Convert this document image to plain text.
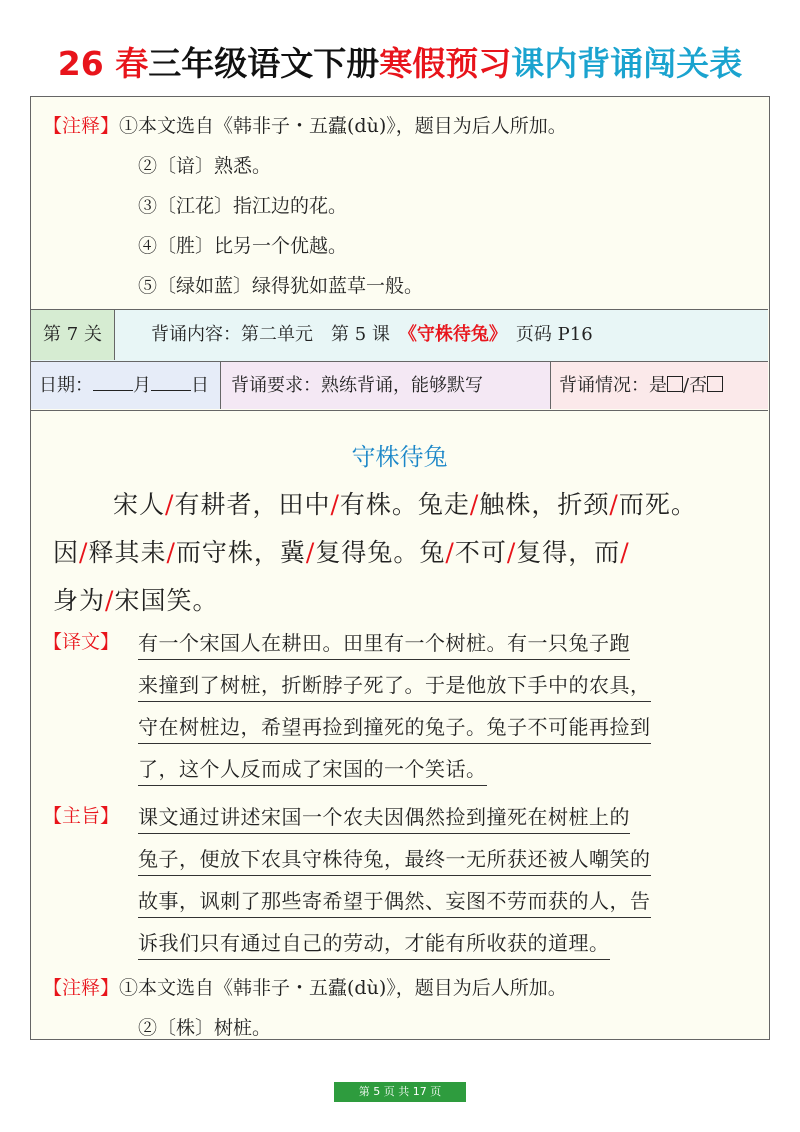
26 春三年级语文下册寒假预习课内背诵闯关表
【注释】①本文选自《韩非子・五蠹(dù)》，题目为后人所加。
②〔谙〕熟悉。
③〔江花〕指江边的花。
④〔胜〕比另一个优越。
⑤〔绿如蓝〕绿得犹如蓝草一般。
第 7 关	背诵内容：第二单元　第 5 课　《守株待兔》　页码 P16
日期： 月 日	背诵要求：熟练背诵，能够默写	背诵情况：是 /否
守株待兔
宋人/有耕者，田中/有株。兔走/触株，折颈/而死。
因/释其耒/而守株，冀/复得兔。兔/不可/复得，而/
身为/宋国笑。
【译文】 有一个宋国人在耕田。田里有一个树桩。有一只兔子跑
来撞到了树桩，折断脖子死了。于是他放下手中的农具，
守在树桩边，希望再捡到撞死的兔子。兔子不可能再捡到
了，这个人反而成了宋国的一个笑话。
【主旨】 课文通过讲述宋国一个农夫因偶然捡到撞死在树桩上的
兔子，便放下农具守株待兔，最终一无所获还被人嘲笑的
故事，讽刺了那些寄希望于偶然、妄图不劳而获的人，告
诉我们只有通过自己的劳动，才能有所收获的道理。
【注释】①本文选自《韩非子・五蠹(dù)》，题目为后人所加。
②〔株〕树桩。
第 5 页 共 17 页
